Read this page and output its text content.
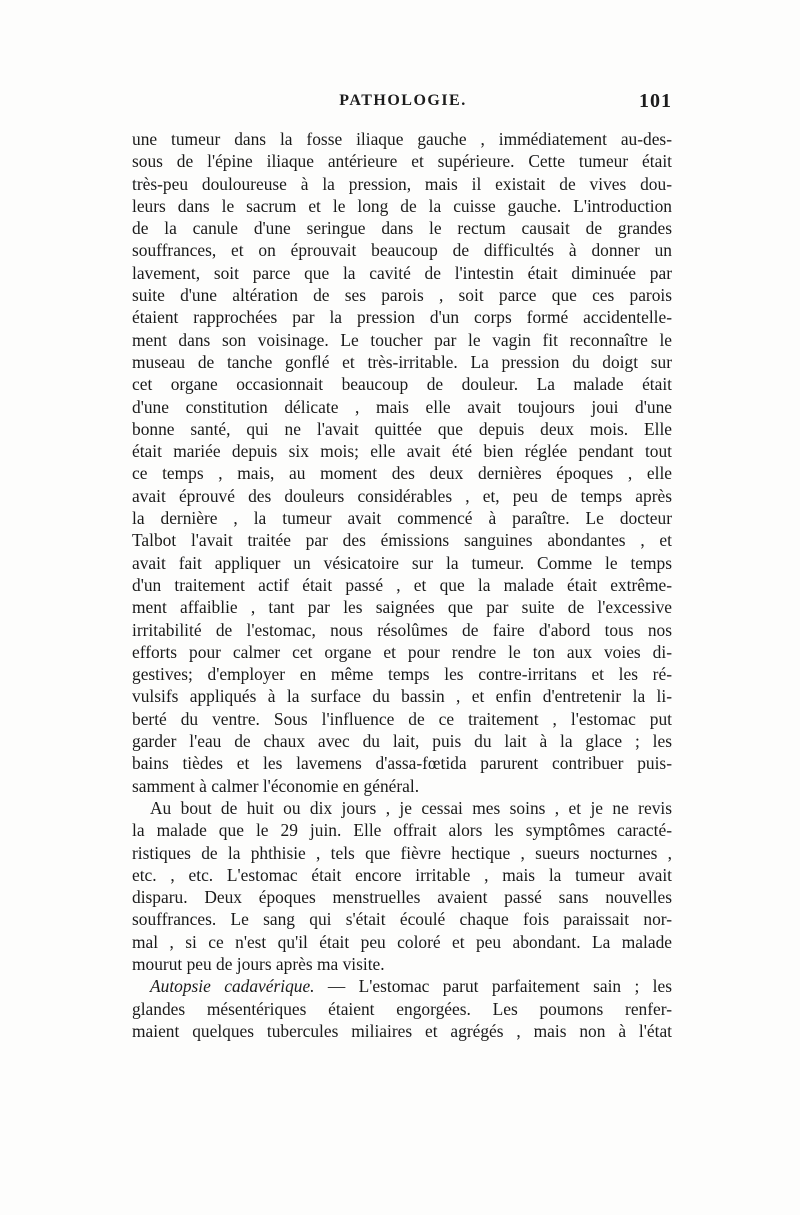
PATHOLOGIE.	101
une tumeur dans la fosse iliaque gauche , immédiatement au-des-
sous de l'épine iliaque antérieure et supérieure. Cette tumeur était
très-peu douloureuse à la pression, mais il existait de vives dou-
leurs dans le sacrum et le long de la cuisse gauche. L'introduction
de la canule d'une seringue dans le rectum causait de grandes
souffrances, et on éprouvait beaucoup de difficultés à donner un
lavement, soit parce que la cavité de l'intestin était diminuée par
suite d'une altération de ses parois , soit parce que ces parois
étaient rapprochées par la pression d'un corps formé accidentelle-
ment dans son voisinage. Le toucher par le vagin fit reconnaître le
museau de tanche gonflé et très-irritable. La pression du doigt sur
cet organe occasionnait beaucoup de douleur. La malade était
d'une constitution délicate , mais elle avait toujours joui d'une
bonne santé, qui ne l'avait quittée que depuis deux mois. Elle
était mariée depuis six mois; elle avait été bien réglée pendant tout
ce temps , mais, au moment des deux dernières époques , elle
avait éprouvé des douleurs considérables , et, peu de temps après
la dernière , la tumeur avait commencé à paraître. Le docteur
Talbot l'avait traitée par des émissions sanguines abondantes , et
avait fait appliquer un vésicatoire sur la tumeur. Comme le temps
d'un traitement actif était passé , et que la malade était extrême-
ment affaiblie , tant par les saignées que par suite de l'excessive
irritabilité de l'estomac, nous résolûmes de faire d'abord tous nos
efforts pour calmer cet organe et pour rendre le ton aux voies di-
gestives; d'employer en même temps les contre-irritans et les ré-
vulsifs appliqués à la surface du bassin , et enfin d'entretenir la li-
berté du ventre. Sous l'influence de ce traitement , l'estomac put
garder l'eau de chaux avec du lait, puis du lait à la glace ; les
bains tièdes et les lavemens d'assa-fœtida parurent contribuer puis-
samment à calmer l'économie en général.
Au bout de huit ou dix jours , je cessai mes soins , et je ne revis
la malade que le 29 juin. Elle offrait alors les symptômes caracté-
ristiques de la phthisie , tels que fièvre hectique , sueurs nocturnes ,
etc. , etc. L'estomac était encore irritable , mais la tumeur avait
disparu. Deux époques menstruelles avaient passé sans nouvelles
souffrances. Le sang qui s'était écoulé chaque fois paraissait nor-
mal , si ce n'est qu'il était peu coloré et peu abondant. La malade
mourut peu de jours après ma visite.
Autopsie cadavérique. — L'estomac parut parfaitement sain ; les
glandes mésentériques étaient engorgées. Les poumons renfer-
maient quelques tubercules miliaires et agrégés , mais non à l'état
